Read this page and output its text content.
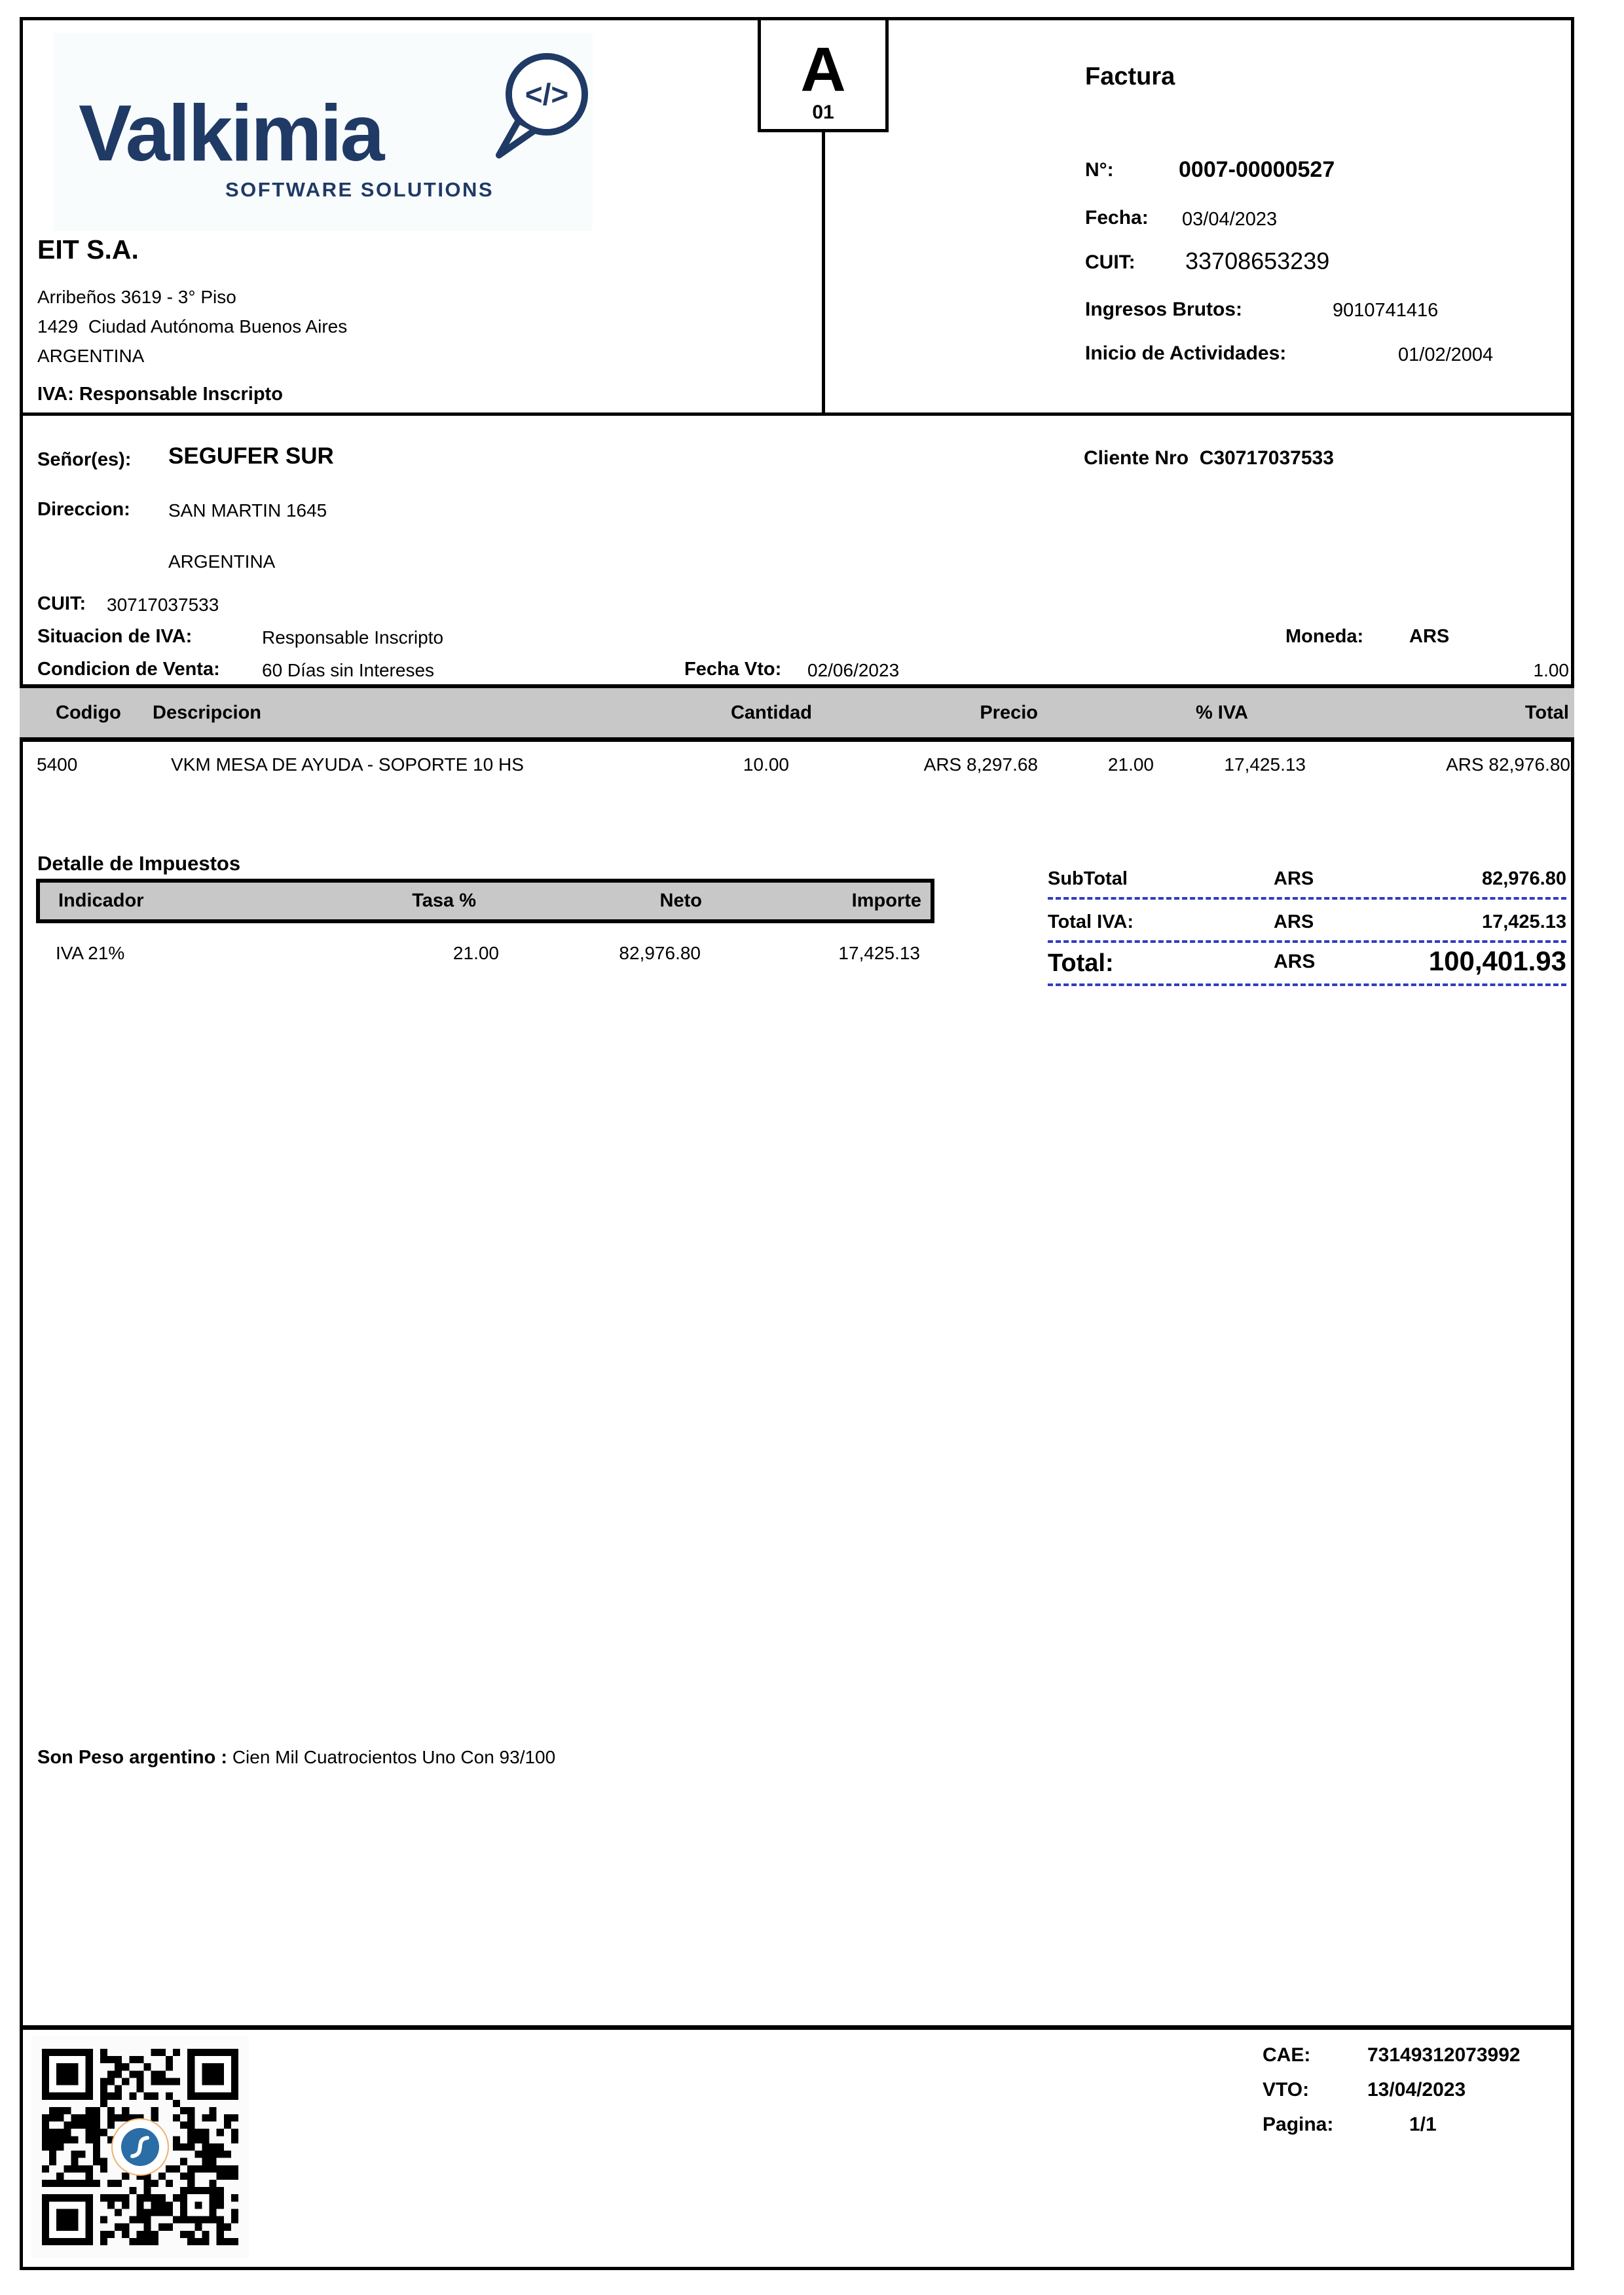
Valkimia
SOFTWARE SOLUTIONS
</>
EIT S.A.
Arribeños 3619 - 3° Piso
1429  Ciudad Autónoma Buenos Aires
ARGENTINA
IVA: Responsable Inscripto
A
01
Factura
N°:	0007-00000527
Fecha: 03/04/2023
CUIT: 33708653239
Ingresos Brutos:	9010741416
Inicio de Actividades:	01/02/2004
Señor(es): SEGUFER SUR	Cliente Nro  C30717037533
Direccion: SAN MARTIN 1645
ARGENTINA
CUIT: 30717037533
Situacion de IVA:	Responsable Inscripto	Moneda: ARS
Condicion de Venta: 60 Días sin Intereses	Fecha Vto: 02/06/2023	1.00
Codigo Descripcion	Cantidad	Precio	% IVA	Total
5400	VKM MESA DE AYUDA - SOPORTE 10 HS	10.00	ARS 8,297.68	21.00	17,425.13	ARS 82,976.80
Detalle de Impuestos
Indicador	Tasa %	Neto	Importe
IVA 21%	21.00	82,976.80	17,425.13
SubTotal	ARS	82,976.80
Total IVA:	ARS	17,425.13
Total:	ARS	100,401.93
Son Peso argentino : Cien Mil Cuatrocientos Uno Con 93/100
CAE:	73149312073992
VTO:	13/04/2023
Pagina:	1/1
